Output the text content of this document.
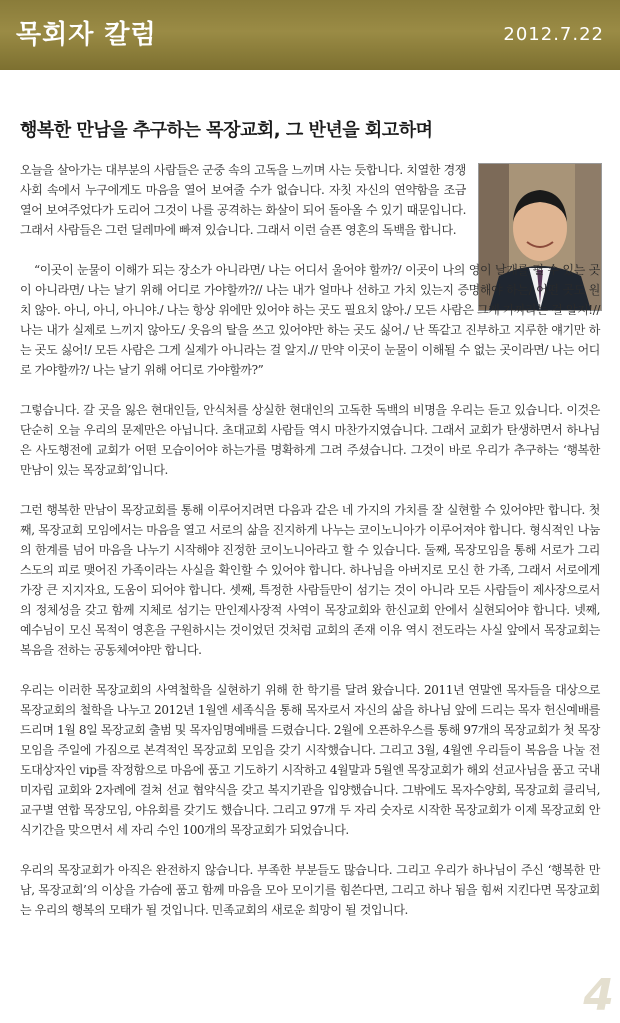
목회자 칼럼	2012.7.22
행복한 만남을 추구하는 목장교회, 그 반년을 회고하며

오늘을 살아가는 대부분의 사람들은 군중 속의 고독을 느끼며 사는 듯합니다. 치열한 경쟁 사회 속에서 누구에게도 마음을 열어 보여줄 수가 없습니다. 자칫 자신의 연약함을 조금 열어 보여주었다가 도리어 그것이 나를 공격하는 화살이 되어 돌아올 수 있기 때문입니다. 그래서 사람들은 그런 딜레마에 빠져 있습니다. 그래서 이런 슬픈 영혼의 독백을 합니다.

“이곳이 눈물이 이해가 되는 장소가 아니라면/ 나는 어디서 울어야 할까?/ 이곳이 나의 영이 날개를 펼 수 있는 곳이 아니라면/ 나는 날기 위해 어디로 가야할까?// 나는 내가 얼마나 선하고 가치 있는지 증명해야 하는/ 어떤 곳도 원치 않아. 아니, 아니, 아니야./ 나는 항상 위에만 있어야 하는 곳도 필요치 않아./ 모든 사람은 그게 가짜라는 걸 알지!// 나는 내가 실제로 느끼지 않아도/ 웃음의 탈을 쓰고 있어야만 하는 곳도 싫어./ 난 똑같고 진부하고 지루한 얘기만 하는 곳도 싫어!/ 모든 사람은 그게 실제가 아니라는 걸 알지.// 만약 이곳이 눈물이 이해될 수 없는 곳이라면/ 나는 어디로 가야할까?/ 나는 날기 위해 어디로 가야할까?”

그렇습니다. 갈 곳을 잃은 현대인들, 안식처를 상실한 현대인의 고독한 독백의 비명을 우리는 듣고 있습니다. 이것은 단순히 오늘 우리의 문제만은 아닙니다. 초대교회 사람들 역시 마찬가지였습니다. 그래서 교회가 탄생하면서 하나님은 사도행전에 교회가 어떤 모습이어야 하는가를 명확하게 그려 주셨습니다. 그것이 바로 우리가 추구하는 ‘행복한 만남이 있는 목장교회’입니다.

그런 행복한 만남이 목장교회를 통해 이루어지려면 다음과 같은 네 가지의 가치를 잘 실현할 수 있어야만 합니다. 첫째, 목장교회 모임에서는 마음을 열고 서로의 삶을 진지하게 나누는 코이노니아가 이루어져야 합니다. 형식적인 나눔의 한계를 넘어 마음을 나누기 시작해야 진정한 코이노니아라고 할 수 있습니다. 둘째, 목장모임을 통해 서로가 그리스도의 피로 맺어진 가족이라는 사실을 확인할 수 있어야 합니다. 하나님을 아버지로 모신 한 가족, 그래서 서로에게 가장 큰 지지자요, 도움이 되어야 합니다. 셋째, 특정한 사람들만이 섬기는 것이 아니라 모든 사람들이 제사장으로서의 정체성을 갖고 함께 지체로 섬기는 만인제사장적 사역이 목장교회와 한신교회 안에서 실현되어야 합니다. 넷째, 예수님이 모신 목적이 영혼을 구원하시는 것이었던 것처럼 교회의 존재 이유 역시 전도라는 사실 앞에서 목장교회는 복음을 전하는 공동체여야만 합니다.

우리는 이러한 목장교회의 사역철학을 실현하기 위해 한 학기를 달려 왔습니다. 2011년 연말엔 목자들을 대상으로 목장교회의 철학을 나누고 2012년 1월엔 세족식을 통해 목자로서 자신의 삶을 하나님 앞에 드리는 목자 헌신예배를 드리며 1월 8일 목장교회 출범 및 목자임명예배를 드렸습니다. 2월에 오픈하우스를 통해 97개의 목장교회가 첫 목장모임을 주일에 가짐으로 본격적인 목장교회 모임을 갖기 시작했습니다. 그리고 3월, 4월엔 우리들이 복음을 나눌 전도대상자인 vip를 작정함으로 마음에 품고 기도하기 시작하고 4월말과 5월엔 목장교회가 해외 선교사님을 품고 국내 미자립 교회와 2자례에 걸쳐 선교 협약식을 갖고 복지기관을 입양했습니다. 그밖에도 목자수양회, 목장교회 클리닉, 교구별 연합 목장모임, 야유회를 갖기도 했습니다. 그리고 97개 두 자리 숫자로 시작한 목장교회가 이제 목장교회 안식기간을 맞으면서 세 자리 수인 100개의 목장교회가 되었습니다.

우리의 목장교회가 아직은 완전하지 않습니다. 부족한 부분들도 많습니다. 그리고 우리가 하나님이 주신 ‘행복한 만남, 목장교회’의 이상을 가슴에 품고 함께 마음을 모아 모이기를 힘쓴다면, 그리고 하나 됨을 힘써 지킨다면 목장교회는 우리의 행복의 모태가 될 것입니다. 민족교회의 새로운 희망이 될 것입니다.

4
